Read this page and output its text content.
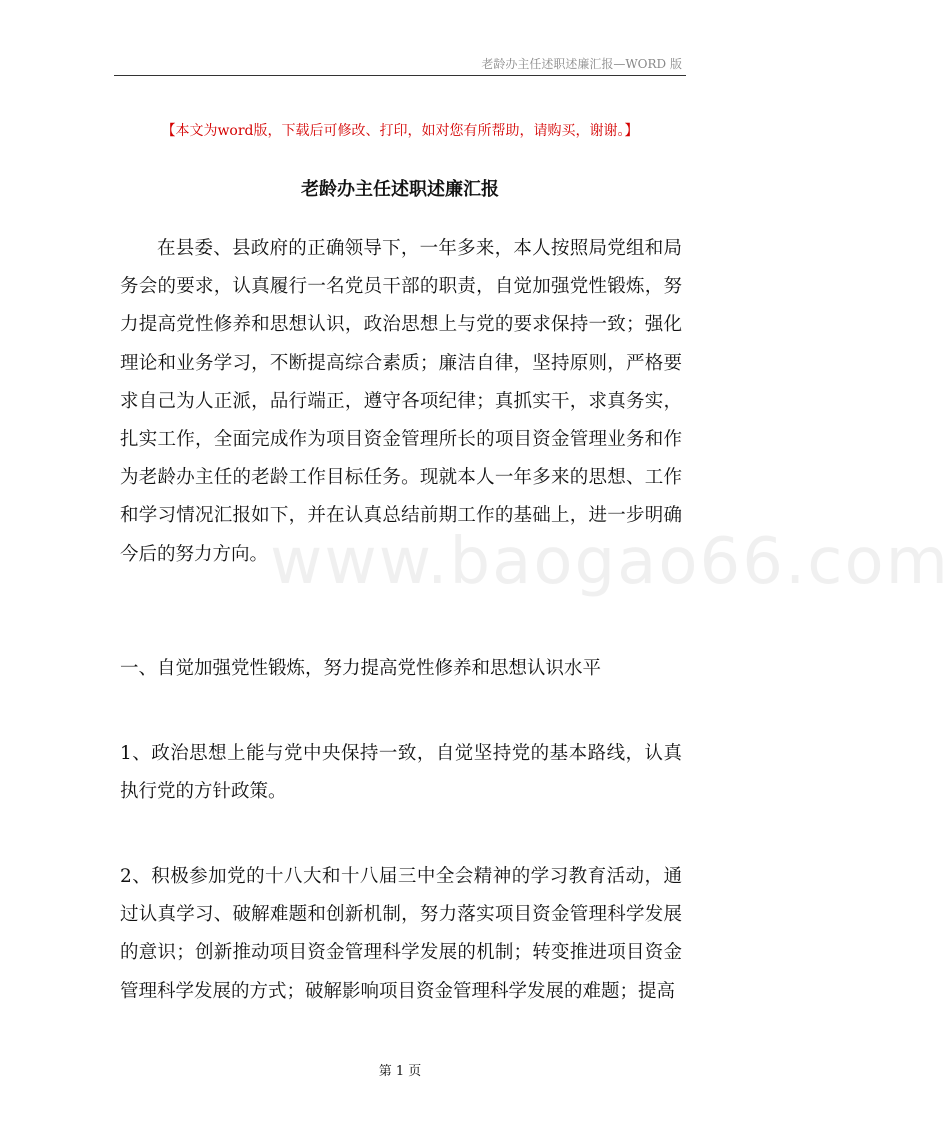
老龄办主任述职述廉汇报—WORD 版
【本文为word版，下载后可修改、打印，如对您有所帮助，请购买，谢谢。】
老龄办主任述职述廉汇报
www.baogao66.com

在县委、县政府的正确领导下，一年多来，本人按照局党组和局务会的要求，认真履行一名党员干部的职责，自觉加强党性锻炼，努力提高党性修养和思想认识，政治思想上与党的要求保持一致；强化理论和业务学习，不断提高综合素质；廉洁自律，坚持原则，严格要求自己为人正派，品行端正，遵守各项纪律；真抓实干，求真务实，扎实工作，全面完成作为项目资金管理所长的项目资金管理业务和作为老龄办主任的老龄工作目标任务。现就本人一年多来的思想、工作和学习情况汇报如下，并在认真总结前期工作的基础上，进一步明确今后的努力方向。

一、自觉加强党性锻炼，努力提高党性修养和思想认识水平

1、政治思想上能与党中央保持一致，自觉坚持党的基本路线，认真执行党的方针政策。

2、积极参加党的十八大和十八届三中全会精神的学习教育活动，通过认真学习、破解难题和创新机制，努力落实项目资金管理科学发展的意识；创新推动项目资金管理科学发展的机制；转变推进项目资金管理科学发展的方式；破解影响项目资金管理科学发展的难题；提高

第 1 页
